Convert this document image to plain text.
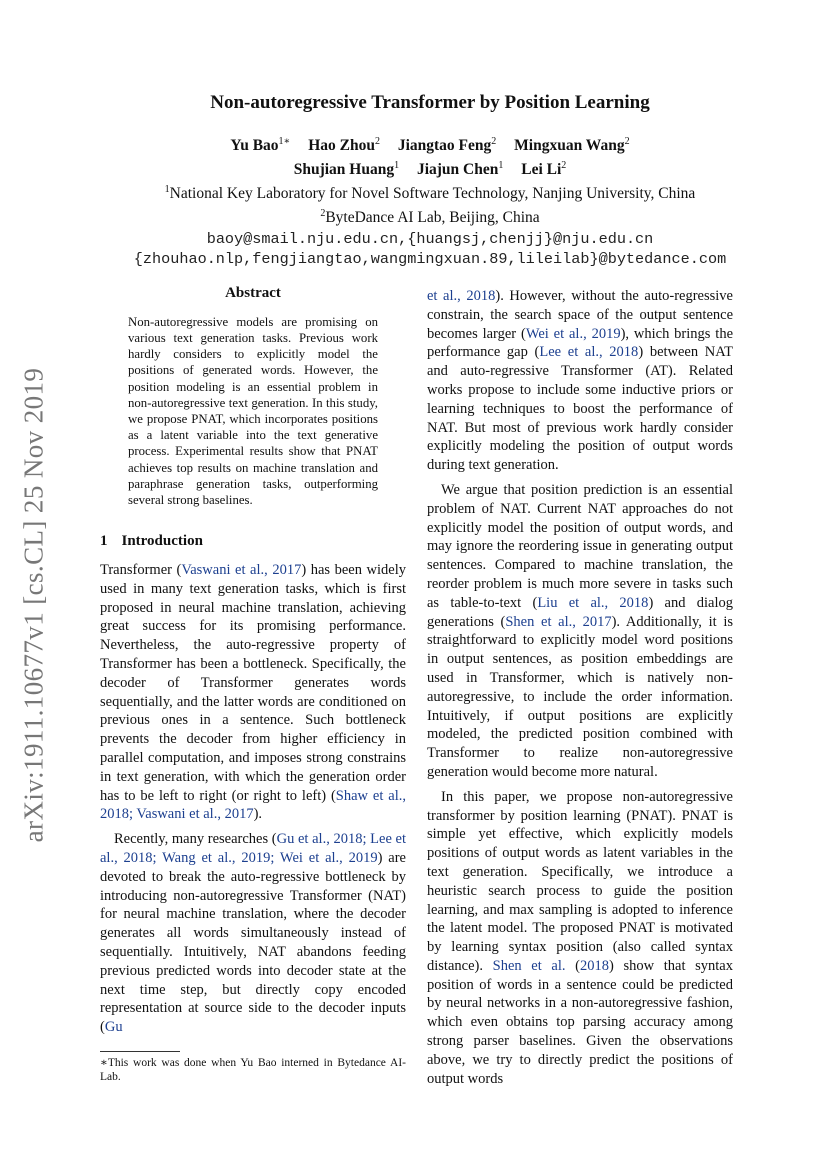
arXiv:1911.10677v1 [cs.CL] 25 Nov 2019
Non-autoregressive Transformer by Position Learning
Yu Bao$^{1∗}$ Hao Zhou$^2$ Jiangtao Feng$^2$ Mingxuan Wang$^2$
Shujian Huang$^1$ Jiajun Chen$^1$ Lei Li$^2$
$^1$National Key Laboratory for Novel Software Technology, Nanjing University, China
$^2$ByteDance AI Lab, Beijing, China
baoy@smail.nju.edu.cn,{huangsj,chenjj}@nju.edu.cn
{zhouhao.nlp,fengjiangtao,wangmingxuan.89,lileilab}@bytedance.com
Abstract
Non-autoregressive models are promising on various text generation tasks. Previous work hardly considers to explicitly model the positions of generated words. However, the position modeling is an essential problem in non-autoregressive text generation. In this study, we propose PNAT, which incorporates positions as a latent variable into the text generative process. Experimental results show that PNAT achieves top results on machine translation and paraphrase generation tasks, outperforming several strong baselines.
1 Introduction

Transformer (Vaswani et al., 2017) has been widely used in many text generation tasks, which is first proposed in neural machine translation, achieving great success for its promising performance. Nevertheless, the auto-regressive property of Transformer has been a bottleneck. Specifically, the decoder of Transformer generates words sequentially, and the latter words are conditioned on previous ones in a sentence. Such bottleneck prevents the decoder from higher efficiency in parallel computation, and imposes strong constrains in text generation, with which the generation order has to be left to right (or right to left) (Shaw et al., 2018; Vaswani et al., 2017).

Recently, many researches (Gu et al., 2018; Lee et al., 2018; Wang et al., 2019; Wei et al., 2019) are devoted to break the auto-regressive bottleneck by introducing non-autoregressive Transformer (NAT) for neural machine translation, where the decoder generates all words simultaneously instead of sequentially. Intuitively, NAT abandons feeding previous predicted words into decoder state at the next time step, but directly copy encoded representation at source side to the decoder inputs (Gu

∗This work was done when Yu Bao interned in Bytedance AI-Lab.

et al., 2018). However, without the auto-regressive constrain, the search space of the output sentence becomes larger (Wei et al., 2019), which brings the performance gap (Lee et al., 2018) between NAT and auto-regressive Transformer (AT). Related works propose to include some inductive priors or learning techniques to boost the performance of NAT. But most of previous work hardly consider explicitly modeling the position of output words during text generation.

We argue that position prediction is an essential problem of NAT. Current NAT approaches do not explicitly model the position of output words, and may ignore the reordering issue in generating output sentences. Compared to machine translation, the reorder problem is much more severe in tasks such as table-to-text (Liu et al., 2018) and dialog generations (Shen et al., 2017). Additionally, it is straightforward to explicitly model word positions in output sentences, as position embeddings are used in Transformer, which is natively non-autoregressive, to include the order information. Intuitively, if output positions are explicitly modeled, the predicted position combined with Transformer to realize non-autoregressive generation would become more natural.

In this paper, we propose non-autoregressive transformer by position learning (PNAT). PNAT is simple yet effective, which explicitly models positions of output words as latent variables in the text generation. Specifically, we introduce a heuristic search process to guide the position learning, and max sampling is adopted to inference the latent model. The proposed PNAT is motivated by learning syntax position (also called syntax distance). Shen et al. (2018) show that syntax position of words in a sentence could be predicted by neural networks in a non-autoregressive fashion, which even obtains top parsing accuracy among strong parser baselines. Given the observations above, we try to directly predict the positions of output words
